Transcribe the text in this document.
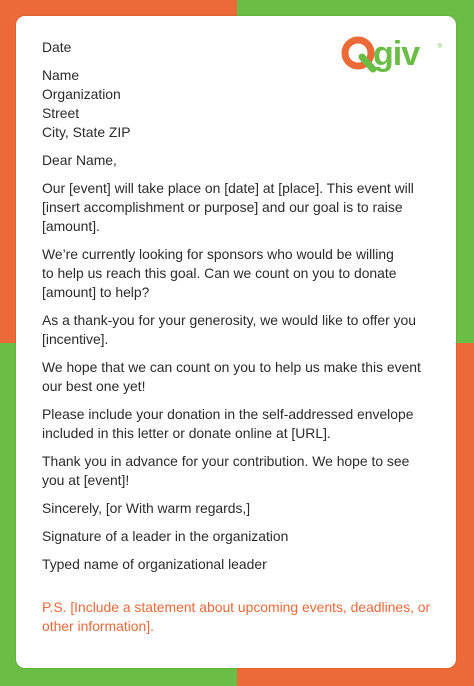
giv	®

Date

Name

Organization

Street

City, State ZIP

Dear Name,

Our [event] will take place on [date] at [place]. This event will

[insert accomplishment or purpose] and our goal is to raise

[amount].

We’re currently looking for sponsors who would be willing

to help us reach this goal. Can we count on you to donate

[amount] to help?

As a thank-you for your generosity, we would like to offer you

[incentive].

We hope that we can count on you to help us make this event

our best one yet!

Please include your donation in the self-addressed envelope

included in this letter or donate online at [URL].

Thank you in advance for your contribution. We hope to see

you at [event]!

Sincerely, [or With warm regards,]

Signature of a leader in the organization

Typed name of organizational leader

P.S. [Include a statement about upcoming events, deadlines, or

other information].
